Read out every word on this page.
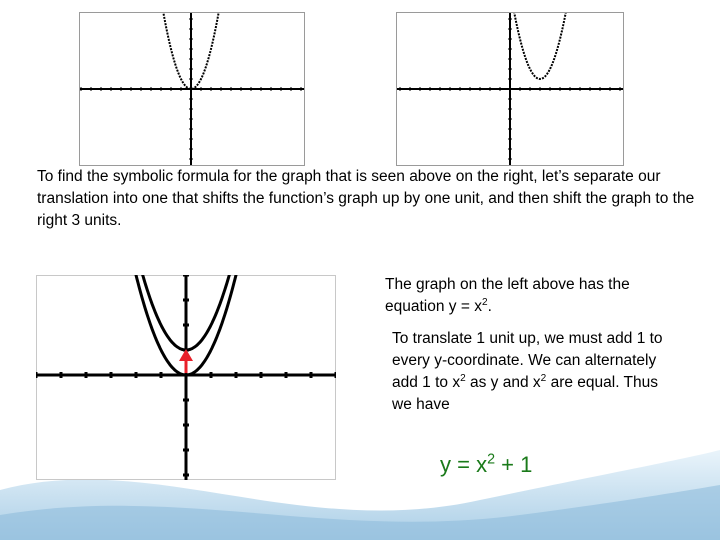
To find the symbolic formula for the graph that is seen above on the right, let’s separate our translation into one that shifts the function’s graph up by one unit, and then shift the graph to the right 3 units.
The graph on the left above has the equation $y = x^2$.
To translate 1 unit up, we must add 1 to every y-coordinate. We can alternately add 1 to $x^2$ as y and $x^2$ are equal. Thus we have
$y = x^2 + 1$
